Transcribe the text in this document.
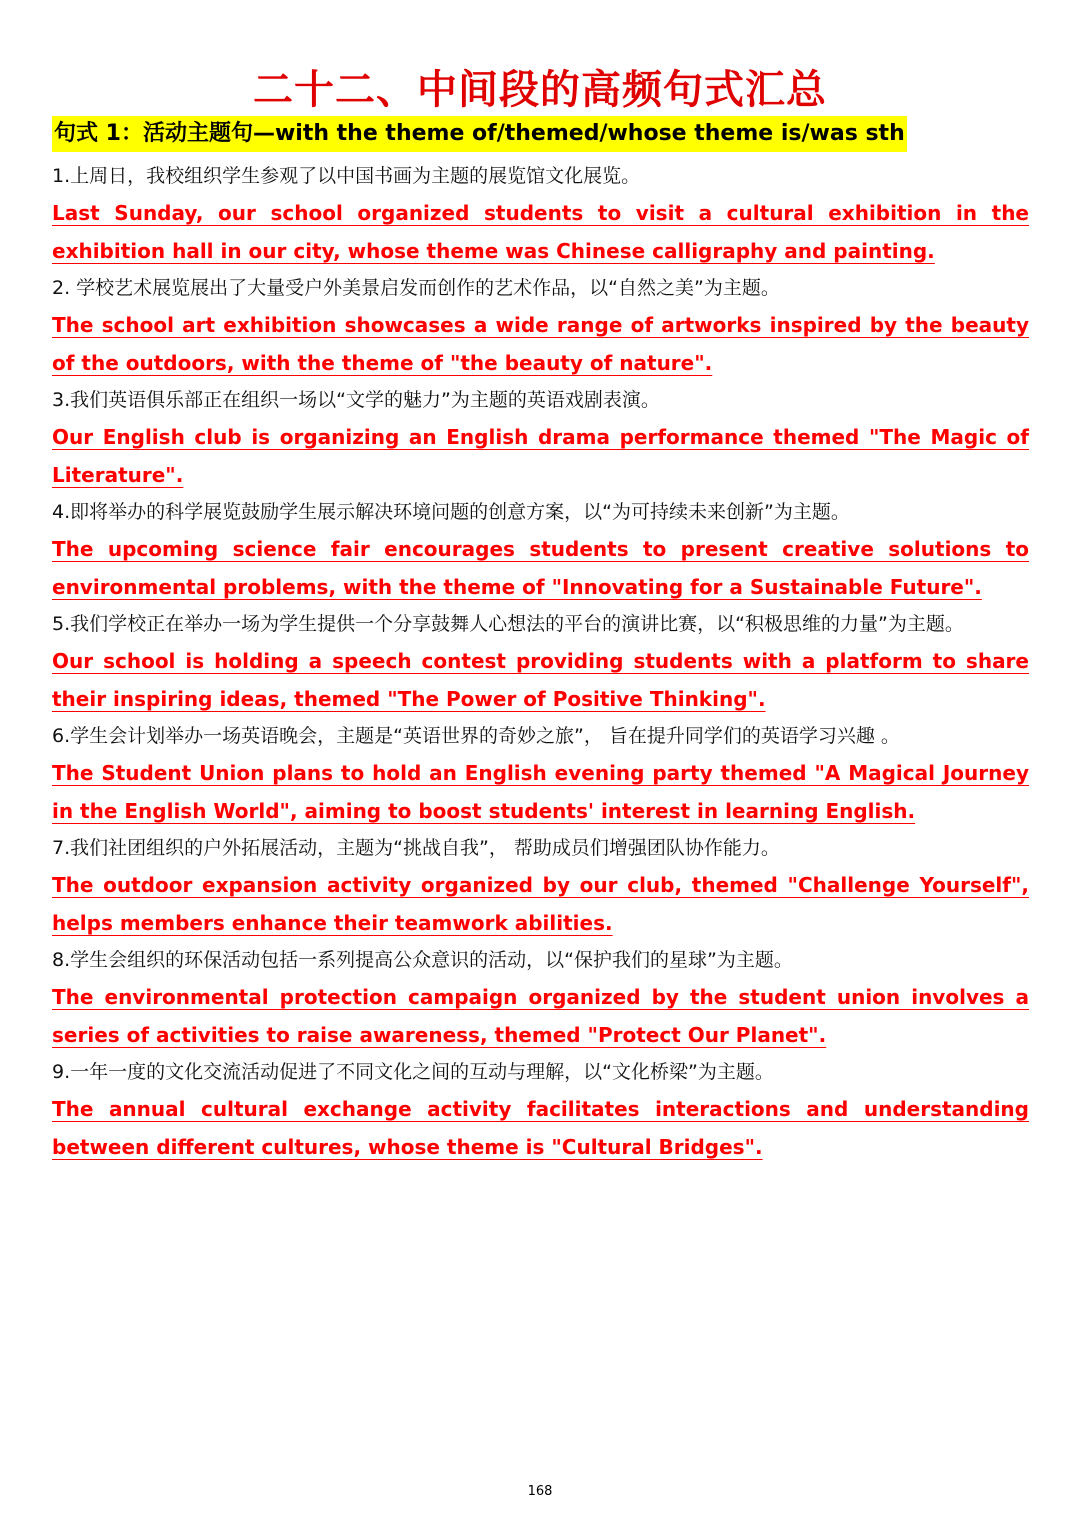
二十二、中间段的高频句式汇总
句式 1：活动主题句—with the theme of/themed/whose theme is/was sth
1.上周日，我校组织学生参观了以中国书画为主题的展览馆文化展览。
Last Sunday, our school organized students to visit a cultural exhibition in the exhibition hall in our city, whose theme was Chinese calligraphy and painting.
2. 学校艺术展览展出了大量受户外美景启发而创作的艺术作品，以“自然之美”为主题。
The school art exhibition showcases a wide range of artworks inspired by the beauty of the outdoors, with the theme of "the beauty of nature".
3.我们英语俱乐部正在组织一场以“文学的魅力”为主题的英语戏剧表演。
Our English club is organizing an English drama performance themed "The Magic of Literature".
4.即将举办的科学展览鼓励学生展示解决环境问题的创意方案，以“为可持续未来创新”为主题。
The upcoming science fair encourages students to present creative solutions to environmental problems, with the theme of "Innovating for a Sustainable Future".
5.我们学校正在举办一场为学生提供一个分享鼓舞人心想法的平台的演讲比赛，以“积极思维的力量”为主题。
Our school is holding a speech contest providing students with a platform to share their inspiring ideas, themed "The Power of Positive Thinking".
6.学生会计划举办一场英语晚会，主题是“英语世界的奇妙之旅”， 旨在提升同学们的英语学习兴趣 。
The Student Union plans to hold an English evening party themed "A Magical Journey in the English World", aiming to boost students' interest in learning English.
7.我们社团组织的户外拓展活动，主题为“挑战自我”， 帮助成员们增强团队协作能力。
The outdoor expansion activity organized by our club, themed "Challenge Yourself", helps members enhance their teamwork abilities.
8.学生会组织的环保活动包括一系列提高公众意识的活动，以“保护我们的星球”为主题。
The environmental protection campaign organized by the student union involves a series of activities to raise awareness, themed "Protect Our Planet".
9.一年一度的文化交流活动促进了不同文化之间的互动与理解，以“文化桥梁”为主题。
The annual cultural exchange activity facilitates interactions and understanding between different cultures, whose theme is "Cultural Bridges".
168
